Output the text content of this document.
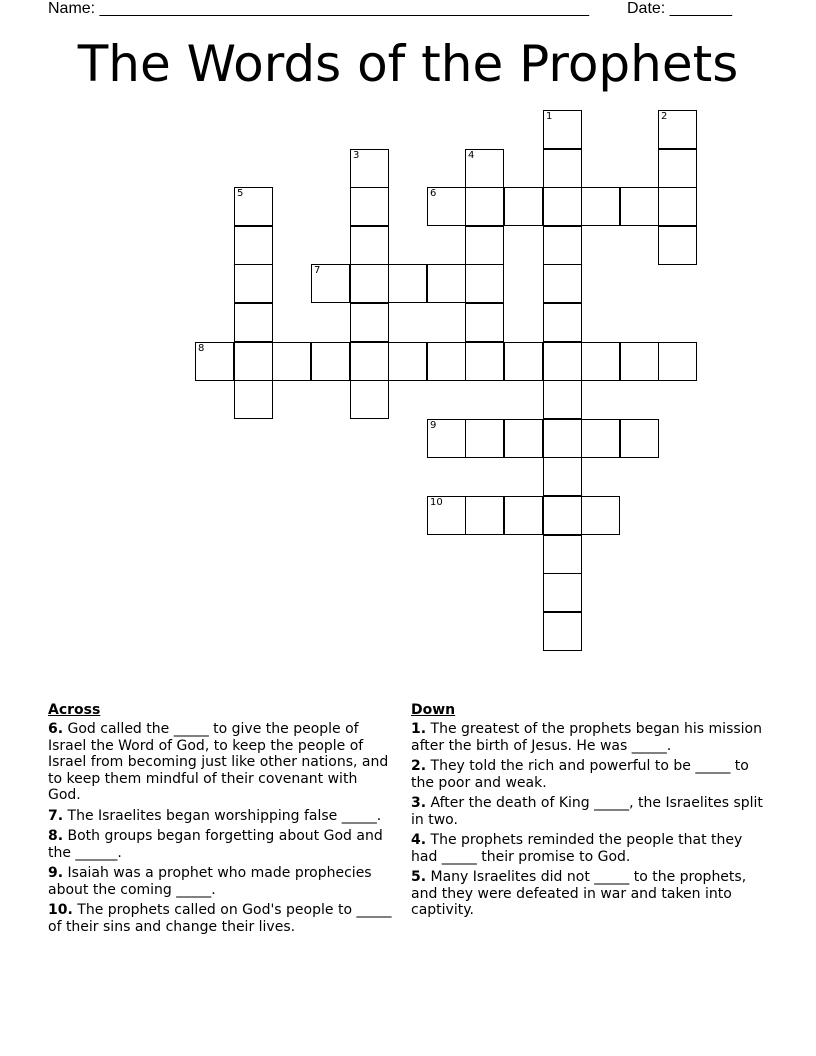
Name: _______________________________________________________ Date: _______
The Words of the Prophets
1	2
3	4
5	6
7
8
9
10
Across
6. God called the _____ to give the people of Israel the Word of God, to keep the people of Israel from becoming just like other nations, and to keep them mindful of their covenant with God.
7. The Israelites began worshipping false _____.
8. Both groups began forgetting about God and the ______.
9. Isaiah was a prophet who made prophecies about the coming _____.
10. The prophets called on God's people to _____ of their sins and change their lives.
Down
1. The greatest of the prophets began his mission after the birth of Jesus. He was _____.
2. They told the rich and powerful to be _____ to the poor and weak.
3. After the death of King _____, the Israelites split in two.
4. The prophets reminded the people that they had _____ their promise to God.
5. Many Israelites did not _____ to the prophets, and they were defeated in war and taken into captivity.
